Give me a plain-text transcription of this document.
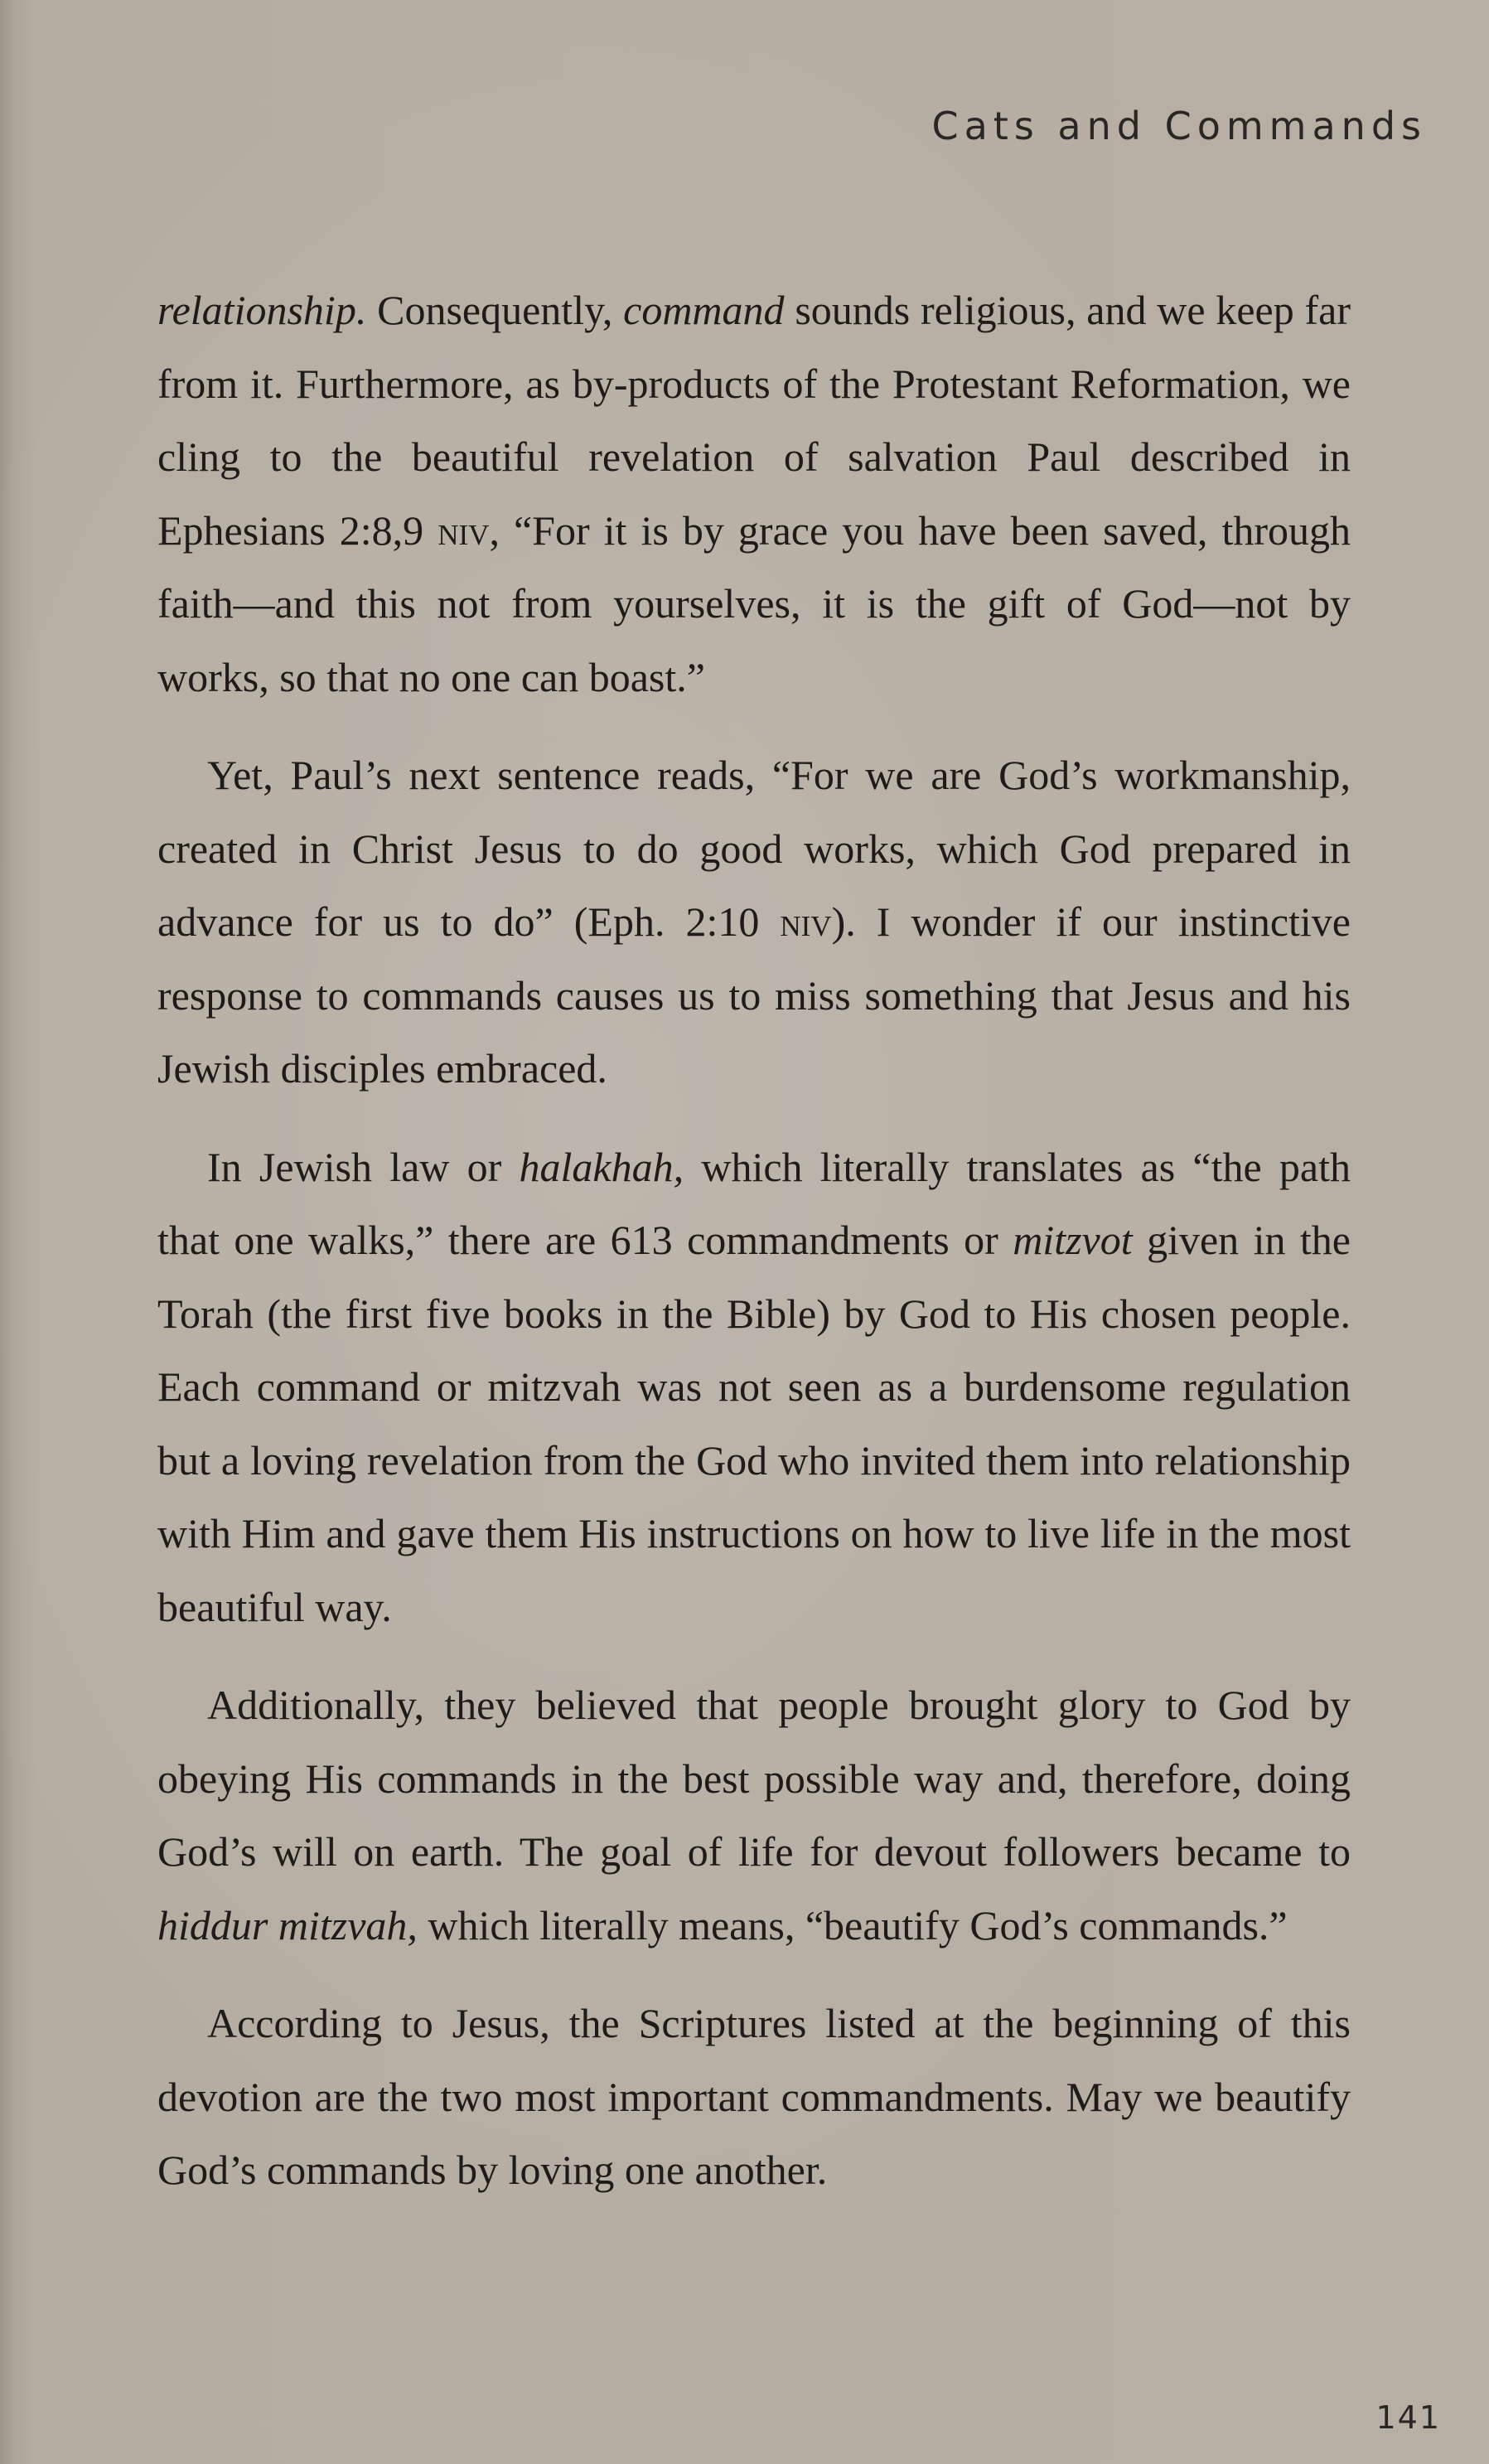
Cats and Commands

relationship. Consequently, command sounds religious, and we keep far from it. Furthermore, as by-products of the Protestant Reformation, we cling to the beautiful revelation of salvation Paul described in Ephesians 2:8,9 niv, “For it is by grace you have been saved, through faith—and this not from yourselves, it is the gift of God—not by works, so that no one can boast.”

Yet, Paul’s next sentence reads, “For we are God’s workmanship, created in Christ Jesus to do good works, which God prepared in advance for us to do” (Eph. 2:10 niv). I wonder if our instinctive response to commands causes us to miss something that Jesus and his Jewish disciples embraced.

In Jewish law or halakhah, which literally translates as “the path that one walks,” there are 613 commandments or mitzvot given in the Torah (the first five books in the Bible) by God to His chosen people. Each command or mitzvah was not seen as a burdensome regulation but a loving revelation from the God who invited them into relationship with Him and gave them His instructions on how to live life in the most beautiful way.

Additionally, they believed that people brought glory to God by obeying His commands in the best possible way and, therefore, doing God’s will on earth. The goal of life for devout followers became to hiddur mitzvah, which literally means, “beautify God’s commands.”

According to Jesus, the Scriptures listed at the beginning of this devotion are the two most important commandments. May we beautify God’s commands by loving one another.

141
